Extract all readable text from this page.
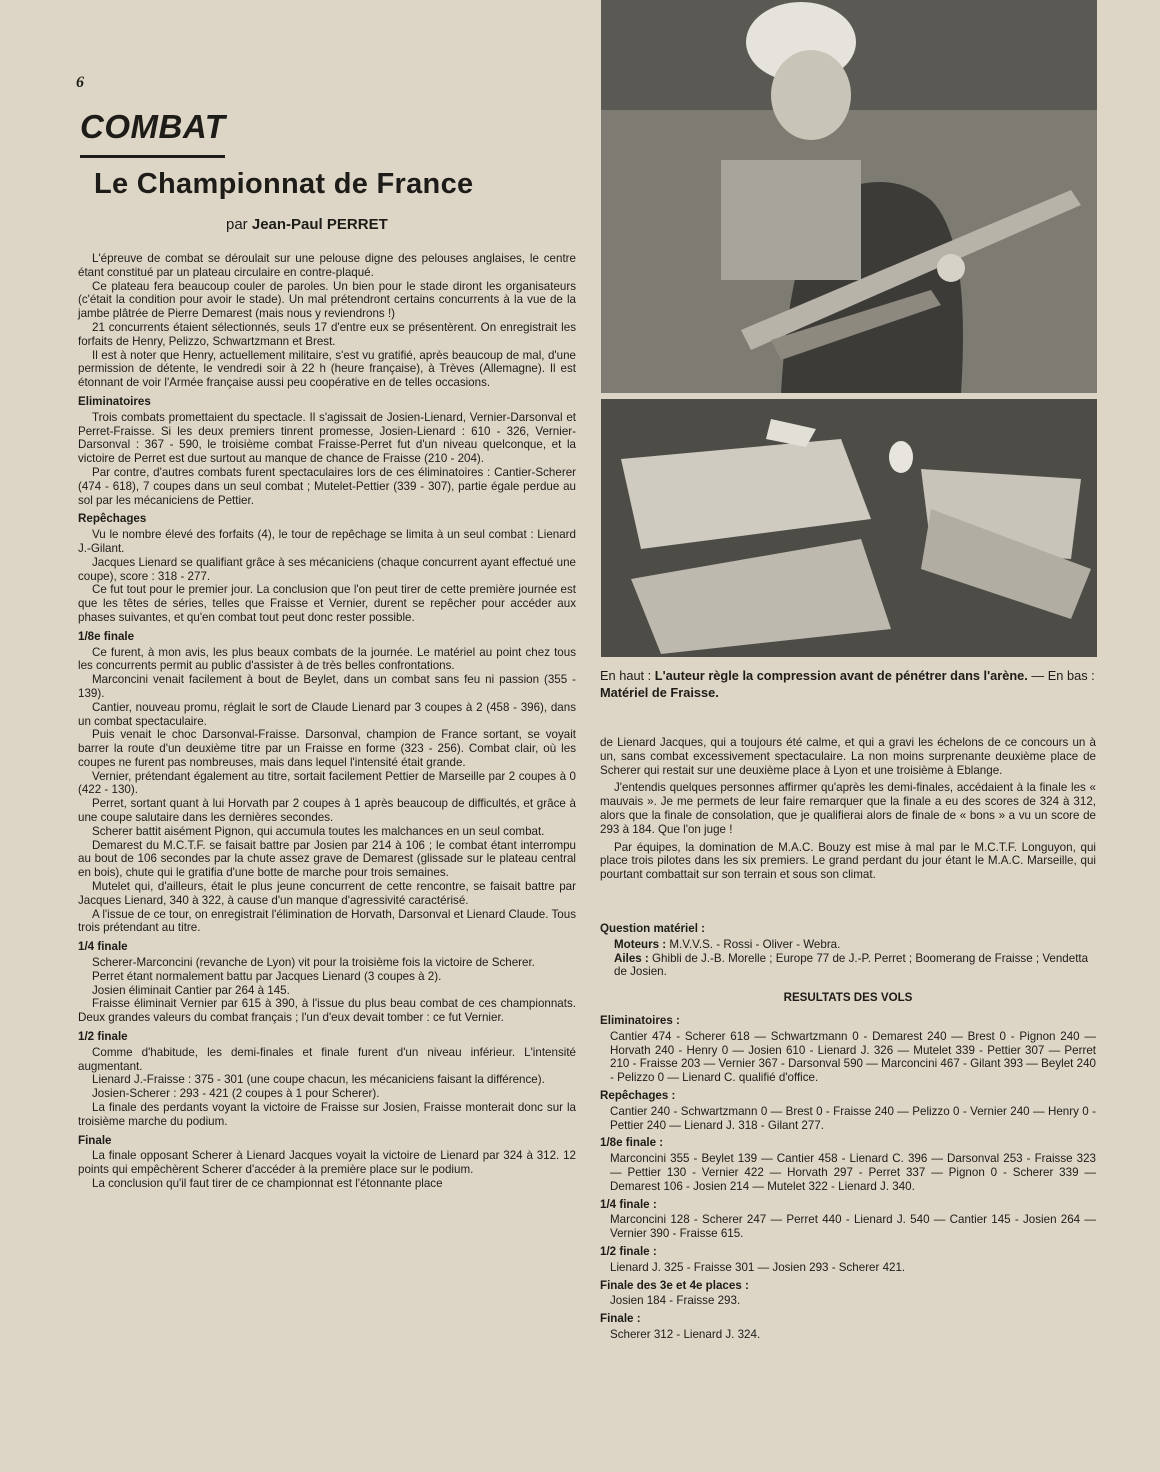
6
COMBAT
Le Championnat de France
par Jean-Paul PERRET

L'épreuve de combat se déroulait sur une pelouse digne des pelouses anglaises, le centre étant constitué par un plateau circulaire en contre-plaqué.

Ce plateau fera beaucoup couler de paroles. Un bien pour le stade diront les organisateurs (c'était la condition pour avoir le stade). Un mal prétendront certains concurrents à la vue de la jambe plâtrée de Pierre Demarest (mais nous y reviendrons !)

21 concurrents étaient sélectionnés, seuls 17 d'entre eux se présentèrent. On enregistrait les forfaits de Henry, Pelizzo, Schwartzmann et Brest.

Il est à noter que Henry, actuellement militaire, s'est vu gratifié, après beaucoup de mal, d'une permission de détente, le vendredi soir à 22 h (heure française), à Trèves (Allemagne). Il est étonnant de voir l'Armée française aussi peu coopérative en de telles occasions.

Eliminatoires

Trois combats promettaient du spectacle. Il s'agissait de Josien-Lienard, Vernier-Darsonval et Perret-Fraisse. Si les deux premiers tinrent promesse, Josien-Lienard : 610 - 326, Vernier-Darsonval : 367 - 590, le troisième combat Fraisse-Perret fut d'un niveau quelconque, et la victoire de Perret est due surtout au manque de chance de Fraisse (210 - 204).

Par contre, d'autres combats furent spectaculaires lors de ces éliminatoires : Cantier-Scherer (474 - 618), 7 coupes dans un seul combat ; Mutelet-Pettier (339 - 307), partie égale perdue au sol par les mécaniciens de Pettier.

Repêchages

Vu le nombre élevé des forfaits (4), le tour de repêchage se limita à un seul combat : Lienard J.-Gilant.

Jacques Lienard se qualifiant grâce à ses mécaniciens (chaque concurrent ayant effectué une coupe), score : 318 - 277.

Ce fut tout pour le premier jour. La conclusion que l'on peut tirer de cette première journée est que les têtes de séries, telles que Fraisse et Vernier, durent se repêcher pour accéder aux phases suivantes, et qu'en combat tout peut donc rester possible.

1/8e finale

Ce furent, à mon avis, les plus beaux combats de la journée. Le matériel au point chez tous les concurrents permit au public d'assister à de très belles confrontations.

Marconcini venait facilement à bout de Beylet, dans un combat sans feu ni passion (355 - 139).

Cantier, nouveau promu, réglait le sort de Claude Lienard par 3 coupes à 2 (458 - 396), dans un combat spectaculaire.

Puis venait le choc Darsonval-Fraisse. Darsonval, champion de France sortant, se voyait barrer la route d'un deuxième titre par un Fraisse en forme (323 - 256). Combat clair, où les coupes ne furent pas nombreuses, mais dans lequel l'intensité était grande.

Vernier, prétendant également au titre, sortait facilement Pettier de Marseille par 2 coupes à 0 (422 - 130).

Perret, sortant quant à lui Horvath par 2 coupes à 1 après beaucoup de difficultés, et grâce à une coupe salutaire dans les dernières secondes.

Scherer battit aisément Pignon, qui accumula toutes les malchances en un seul combat.

Demarest du M.C.T.F. se faisait battre par Josien par 214 à 106 ; le combat étant interrompu au bout de 106 secondes par la chute assez grave de Demarest (glissade sur le plateau central en bois), chute qui le gratifia d'une botte de marche pour trois semaines.

Mutelet qui, d'ailleurs, était le plus jeune concurrent de cette rencontre, se faisait battre par Jacques Lienard, 340 à 322, à cause d'un manque d'agressivité caractérisé.

A l'issue de ce tour, on enregistrait l'élimination de Horvath, Darsonval et Lienard Claude. Tous trois prétendant au titre.

1/4 finale

Scherer-Marconcini (revanche de Lyon) vit pour la troisième fois la victoire de Scherer.

Perret étant normalement battu par Jacques Lienard (3 coupes à 2).

Josien éliminait Cantier par 264 à 145.

Fraisse éliminait Vernier par 615 à 390, à l'issue du plus beau combat de ces championnats. Deux grandes valeurs du combat français ; l'un d'eux devait tomber : ce fut Vernier.

1/2 finale

Comme d'habitude, les demi-finales et finale furent d'un niveau inférieur. L'intensité augmentant.

Lienard J.-Fraisse : 375 - 301 (une coupe chacun, les mécaniciens faisant la différence).

Josien-Scherer : 293 - 421 (2 coupes à 1 pour Scherer).

La finale des perdants voyant la victoire de Fraisse sur Josien, Fraisse monterait donc sur la troisième marche du podium.

Finale

La finale opposant Scherer à Lienard Jacques voyait la victoire de Lienard par 324 à 312. 12 points qui empêchèrent Scherer d'accéder à la première place sur le podium.

La conclusion qu'il faut tirer de ce championnat est l'étonnante place

En haut : L'auteur règle la compression avant de pénétrer dans l'arène. — En bas : Matériel de Fraisse.

de Lienard Jacques, qui a toujours été calme, et qui a gravi les échelons de ce concours un à un, sans combat excessivement spectaculaire. La non moins surprenante deuxième place de Scherer qui restait sur une deuxième place à Lyon et une troisième à Eblange.

J'entendis quelques personnes affirmer qu'après les demi-finales, accédaient à la finale les « mauvais ». Je me permets de leur faire remarquer que la finale a eu des scores de 324 à 312, alors que la finale de consolation, que je qualifierai alors de finale de « bons » a vu un score de 293 à 184. Que l'on juge !

Par équipes, la domination de M.A.C. Bouzy est mise à mal par le M.C.T.F. Longuyon, qui place trois pilotes dans les six premiers. Le grand perdant du jour étant le M.A.C. Marseille, qui pourtant combattait sur son terrain et sous son climat.

Question matériel :

Moteurs : M.V.V.S. - Rossi - Oliver - Webra.

Ailes : Ghibli de J.-B. Morelle ; Europe 77 de J.-P. Perret ; Boomerang de Fraisse ; Vendetta de Josien.

RESULTATS DES VOLS
Eliminatoires :

Cantier 474 - Scherer 618 — Schwartzmann 0 - Demarest 240 — Brest 0 - Pignon 240 — Horvath 240 - Henry 0 — Josien 610 - Lienard J. 326 — Mutelet 339 - Pettier 307 — Perret 210 - Fraisse 203 — Vernier 367 - Darsonval 590 — Marconcini 467 - Gilant 393 — Beylet 240 - Pelizzo 0 — Lienard C. qualifié d'office.

Repêchages :

Cantier 240 - Schwartzmann 0 — Brest 0 - Fraisse 240 — Pelizzo 0 - Vernier 240 — Henry 0 - Pettier 240 — Lienard J. 318 - Gilant 277.

1/8e finale :

Marconcini 355 - Beylet 139 — Cantier 458 - Lienard C. 396 — Darsonval 253 - Fraisse 323 — Pettier 130 - Vernier 422 — Horvath 297 - Perret 337 — Pignon 0 - Scherer 339 — Demarest 106 - Josien 214 — Mutelet 322 - Lienard J. 340.

1/4 finale :

Marconcini 128 - Scherer 247 — Perret 440 - Lienard J. 540 — Cantier 145 - Josien 264 — Vernier 390 - Fraisse 615.

1/2 finale :

Lienard J. 325 - Fraisse 301 — Josien 293 - Scherer 421.

Finale des 3e et 4e places :

Josien 184 - Fraisse 293.

Finale :

Scherer 312 - Lienard J. 324.
